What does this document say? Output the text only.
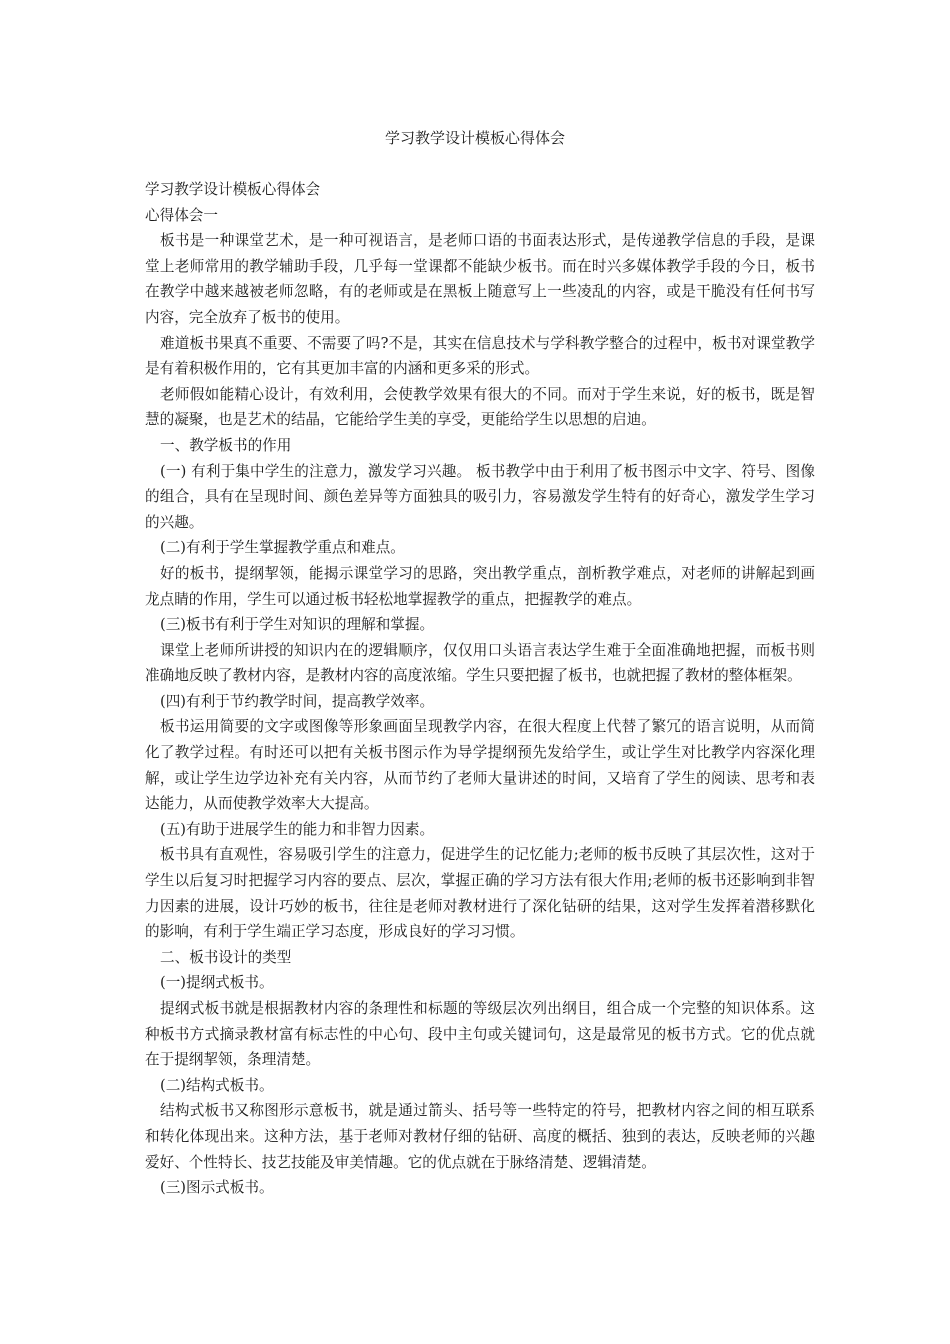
学习教学设计模板心得体会

学习教学设计模板心得体会

心得体会一

板书是一种课堂艺术，是一种可视语言，是老师口语的书面表达形式，是传递教学信息的手段，是课堂上老师常用的教学辅助手段，几乎每一堂课都不能缺少板书。而在时兴多媒体教学手段的今日，板书在教学中越来越被老师忽略，有的老师或是在黑板上随意写上一些凌乱的内容，或是干脆没有任何书写内容，完全放弃了板书的使用。

难道板书果真不重要、不需要了吗?不是，其实在信息技术与学科教学整合的过程中，板书对课堂教学是有着积极作用的，它有其更加丰富的内涵和更多采的形式。

老师假如能精心设计，有效利用，会使教学效果有很大的不同。而对于学生来说，好的板书，既是智慧的凝聚，也是艺术的结晶，它能给学生美的享受，更能给学生以思想的启迪。

一、教学板书的作用

(一) 有利于集中学生的注意力，激发学习兴趣。 板书教学中由于利用了板书图示中文字、符号、图像的组合，具有在呈现时间、颜色差异等方面独具的吸引力，容易激发学生特有的好奇心，激发学生学习的兴趣。

(二)有利于学生掌握教学重点和难点。

好的板书，提纲挈领，能揭示课堂学习的思路，突出教学重点，剖析教学难点，对老师的讲解起到画龙点睛的作用，学生可以通过板书轻松地掌握教学的重点，把握教学的难点。

(三)板书有利于学生对知识的理解和掌握。

课堂上老师所讲授的知识内在的逻辑顺序，仅仅用口头语言表达学生难于全面准确地把握，而板书则准确地反映了教材内容，是教材内容的高度浓缩。学生只要把握了板书，也就把握了教材的整体框架。

(四)有利于节约教学时间，提高教学效率。

板书运用简要的文字或图像等形象画面呈现教学内容，在很大程度上代替了繁冗的语言说明，从而简化了教学过程。有时还可以把有关板书图示作为导学提纲预先发给学生，或让学生对比教学内容深化理解，或让学生边学边补充有关内容，从而节约了老师大量讲述的时间，又培育了学生的阅读、思考和表达能力，从而使教学效率大大提高。

(五)有助于进展学生的能力和非智力因素。

板书具有直观性，容易吸引学生的注意力，促进学生的记忆能力;老师的板书反映了其层次性，这对于学生以后复习时把握学习内容的要点、层次，掌握正确的学习方法有很大作用;老师的板书还影响到非智力因素的进展，设计巧妙的板书，往往是老师对教材进行了深化钻研的结果，这对学生发挥着潜移默化的影响，有利于学生端正学习态度，形成良好的学习习惯。

二、板书设计的类型

(一)提纲式板书。

提纲式板书就是根据教材内容的条理性和标题的等级层次列出纲目，组合成一个完整的知识体系。这种板书方式摘录教材富有标志性的中心句、段中主句或关键词句，这是最常见的板书方式。它的优点就在于提纲挈领，条理清楚。

(二)结构式板书。

结构式板书又称图形示意板书，就是通过箭头、括号等一些特定的符号，把教材内容之间的相互联系和转化体现出来。这种方法，基于老师对教材仔细的钻研、高度的概括、独到的表达，反映老师的兴趣爱好、个性特长、技艺技能及审美情趣。它的优点就在于脉络清楚、逻辑清楚。

(三)图示式板书。
